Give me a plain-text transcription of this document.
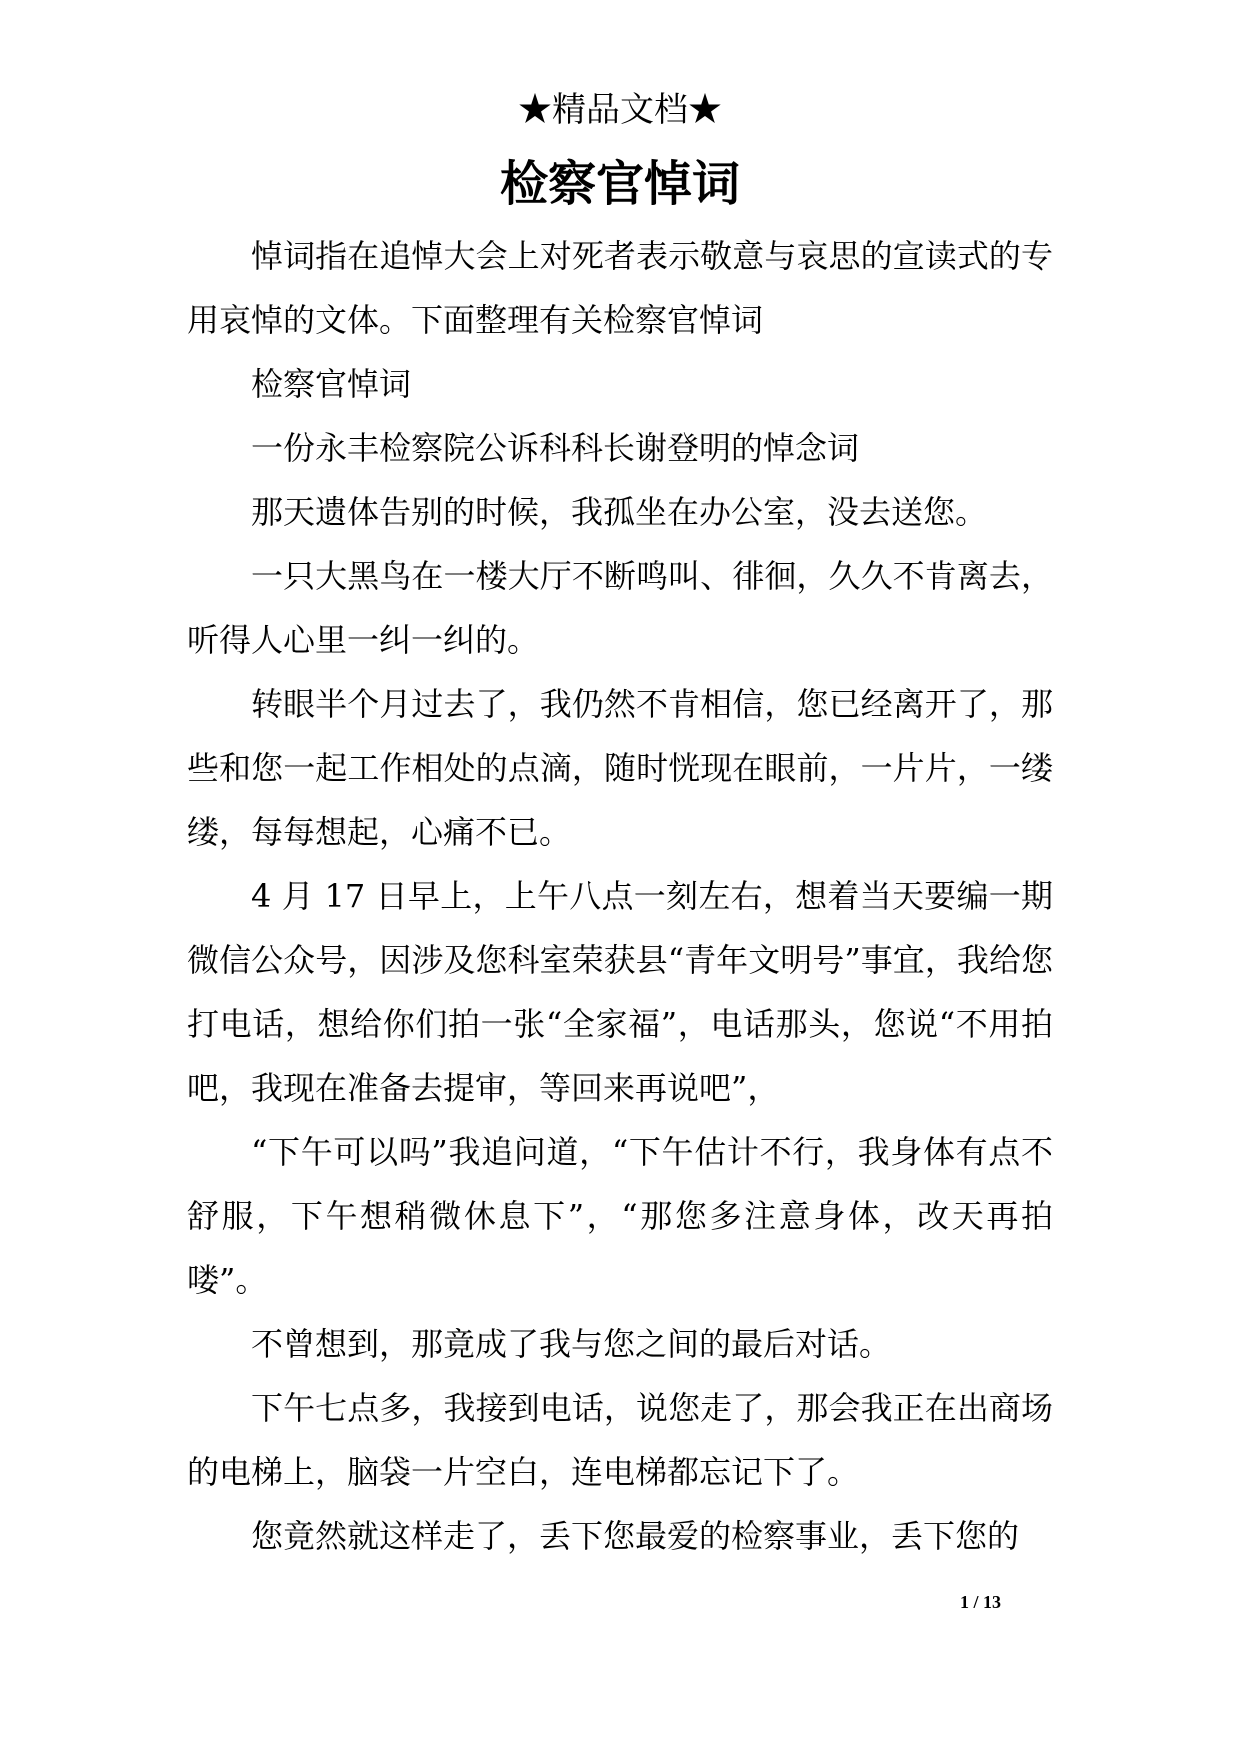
★精品文档★
检察官悼词

悼词指在追悼大会上对死者表示敬意与哀思的宣读式的专用哀悼的文体。下面整理有关检察官悼词

检察官悼词

一份永丰检察院公诉科科长谢登明的悼念词

那天遗体告别的时候，我孤坐在办公室，没去送您。

一只大黑鸟在一楼大厅不断鸣叫、徘徊，久久不肯离去，听得人心里一纠一纠的。

转眼半个月过去了，我仍然不肯相信，您已经离开了，那些和您一起工作相处的点滴，随时恍现在眼前，一片片，一缕缕，每每想起，心痛不已。

4 月 17 日早上，上午八点一刻左右，想着当天要编一期微信公众号，因涉及您科室荣获县“青年文明号”事宜，我给您打电话，想给你们拍一张“全家福”，电话那头，您说“不用拍吧，我现在准备去提审，等回来再说吧”，

“下午可以吗”我追问道，“下午估计不行，我身体有点不舒服，下午想稍微休息下”，“那您多注意身体，改天再拍喽”。

不曾想到，那竟成了我与您之间的最后对话。

下午七点多，我接到电话，说您走了，那会我正在出商场的电梯上，脑袋一片空白，连电梯都忘记下了。

您竟然就这样走了，丢下您最爱的检察事业，丢下您的

1 / 13
